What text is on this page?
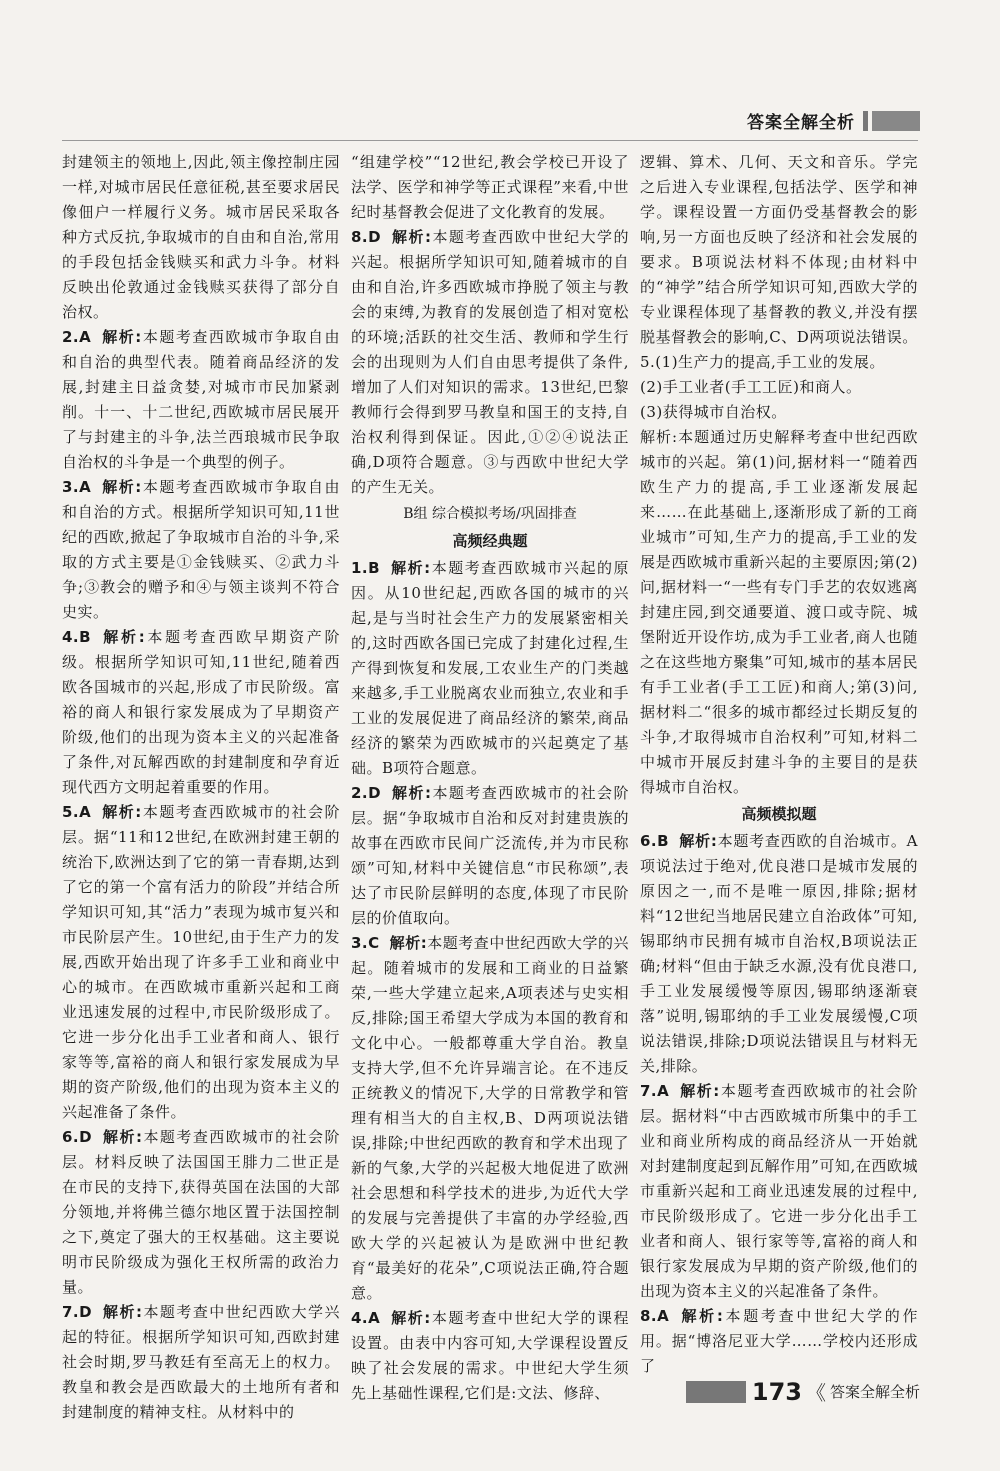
答案全解全析

封建领主的领地上,因此,领主像控制庄园一样,对城市居民任意征税,甚至要求居民像佃户一样履行义务。城市居民采取各种方式反抗,争取城市的自由和自治,常用的手段包括金钱赎买和武力斗争。材料反映出伦敦通过金钱赎买获得了部分自治权。

2.A 解析:本题考查西欧城市争取自由和自治的典型代表。随着商品经济的发展,封建主日益贪婪,对城市市民加紧剥削。十一、十二世纪,西欧城市居民展开了与封建主的斗争,法兰西琅城市民争取自治权的斗争是一个典型的例子。

3.A 解析:本题考查西欧城市争取自由和自治的方式。根据所学知识可知,11世纪的西欧,掀起了争取城市自治的斗争,采取的方式主要是①金钱赎买、②武力斗争;③教会的赠予和④与领主谈判不符合史实。

4.B 解析:本题考查西欧早期资产阶级。根据所学知识可知,11世纪,随着西欧各国城市的兴起,形成了市民阶级。富裕的商人和银行家发展成为了早期资产阶级,他们的出现为资本主义的兴起准备了条件,对瓦解西欧的封建制度和孕育近现代西方文明起着重要的作用。

5.A 解析:本题考查西欧城市的社会阶层。据“11和12世纪,在欧洲封建王朝的统治下,欧洲达到了它的第一青春期,达到了它的第一个富有活力的阶段”并结合所学知识可知,其“活力”表现为城市复兴和市民阶层产生。10世纪,由于生产力的发展,西欧开始出现了许多手工业和商业中心的城市。在西欧城市重新兴起和工商业迅速发展的过程中,市民阶级形成了。它进一步分化出手工业者和商人、银行家等等,富裕的商人和银行家发展成为早期的资产阶级,他们的出现为资本主义的兴起准备了条件。

6.D 解析:本题考查西欧城市的社会阶层。材料反映了法国国王腓力二世正是在市民的支持下,获得英国在法国的大部分领地,并将佛兰德尔地区置于法国控制之下,奠定了强大的王权基础。这主要说明市民阶级成为强化王权所需的政治力量。

7.D 解析:本题考查中世纪西欧大学兴起的特征。根据所学知识可知,西欧封建社会时期,罗马教廷有至高无上的权力。教皇和教会是西欧最大的土地所有者和封建制度的精神支柱。从材料中的

“组建学校”“12世纪,教会学校已开设了法学、医学和神学等正式课程”来看,中世纪时基督教会促进了文化教育的发展。

8.D 解析:本题考查西欧中世纪大学的兴起。根据所学知识可知,随着城市的自由和自治,许多西欧城市挣脱了领主与教会的束缚,为教育的发展创造了相对宽松的环境;活跃的社交生活、教师和学生行会的出现则为人们自由思考提供了条件,增加了人们对知识的需求。13世纪,巴黎教师行会得到罗马教皇和国王的支持,自治权利得到保证。因此,①②④说法正确,D项符合题意。③与西欧中世纪大学的产生无关。

B组 综合模拟考场/巩固排查

高频经典题

1.B 解析:本题考查西欧城市兴起的原因。从10世纪起,西欧各国的城市的兴起,是与当时社会生产力的发展紧密相关的,这时西欧各国已完成了封建化过程,生产得到恢复和发展,工农业生产的门类越来越多,手工业脱离农业而独立,农业和手工业的发展促进了商品经济的繁荣,商品经济的繁荣为西欧城市的兴起奠定了基础。B项符合题意。

2.D 解析:本题考查西欧城市的社会阶层。据“争取城市自治和反对封建贵族的故事在西欧市民间广泛流传,并为市民称颂”可知,材料中关键信息“市民称颂”,表达了市民阶层鲜明的态度,体现了市民阶层的价值取向。

3.C 解析:本题考查中世纪西欧大学的兴起。随着城市的发展和工商业的日益繁荣,一些大学建立起来,A项表述与史实相反,排除;国王希望大学成为本国的教育和文化中心。一般都尊重大学自治。教皇支持大学,但不允许异端言论。在不违反正统教义的情况下,大学的日常教学和管理有相当大的自主权,B、D两项说法错误,排除;中世纪西欧的教育和学术出现了新的气象,大学的兴起极大地促进了欧洲社会思想和科学技术的进步,为近代大学的发展与完善提供了丰富的办学经验,西欧大学的兴起被认为是欧洲中世纪教育“最美好的花朵”,C项说法正确,符合题意。

4.A 解析:本题考查中世纪大学的课程设置。由表中内容可知,大学课程设置反映了社会发展的需求。中世纪大学生须先上基础性课程,它们是:文法、修辞、

逻辑、算术、几何、天文和音乐。学完之后进入专业课程,包括法学、医学和神学。课程设置一方面仍受基督教会的影响,另一方面也反映了经济和社会发展的要求。B项说法材料不体现;由材料中的“神学”结合所学知识可知,西欧大学的专业课程体现了基督教的教义,并没有摆脱基督教会的影响,C、D两项说法错误。

5.(1)生产力的提高,手工业的发展。

(2)手工业者(手工工匠)和商人。

(3)获得城市自治权。

解析:本题通过历史解释考查中世纪西欧城市的兴起。第(1)问,据材料一“随着西欧生产力的提高,手工业逐渐发展起来……在此基础上,逐渐形成了新的工商业城市”可知,生产力的提高,手工业的发展是西欧城市重新兴起的主要原因;第(2)问,据材料一“一些有专门手艺的农奴逃离封建庄园,到交通要道、渡口或寺院、城堡附近开设作坊,成为手工业者,商人也随之在这些地方聚集”可知,城市的基本居民有手工业者(手工工匠)和商人;第(3)问,据材料二“很多的城市都经过长期反复的斗争,才取得城市自治权利”可知,材料二中城市开展反封建斗争的主要目的是获得城市自治权。

高频模拟题

6.B 解析:本题考查西欧的自治城市。A项说法过于绝对,优良港口是城市发展的原因之一,而不是唯一原因,排除;据材料“12世纪当地居民建立自治政体”可知,锡耶纳市民拥有城市自治权,B项说法正确;材料“但由于缺乏水源,没有优良港口,手工业发展缓慢等原因,锡耶纳逐渐衰落”说明,锡耶纳的手工业发展缓慢,C项说法错误,排除;D项说法错误且与材料无关,排除。

7.A 解析:本题考查西欧城市的社会阶层。据材料“中古西欧城市所集中的手工业和商业所构成的商品经济从一开始就对封建制度起到瓦解作用”可知,在西欧城市重新兴起和工商业迅速发展的过程中,市民阶级形成了。它进一步分化出手工业者和商人、银行家等等,富裕的商人和银行家发展成为早期的资产阶级,他们的出现为资本主义的兴起准备了条件。

8.A 解析:本题考查中世纪大学的作用。据“博洛尼亚大学……学校内还形成了

173 《 答案全解全析
